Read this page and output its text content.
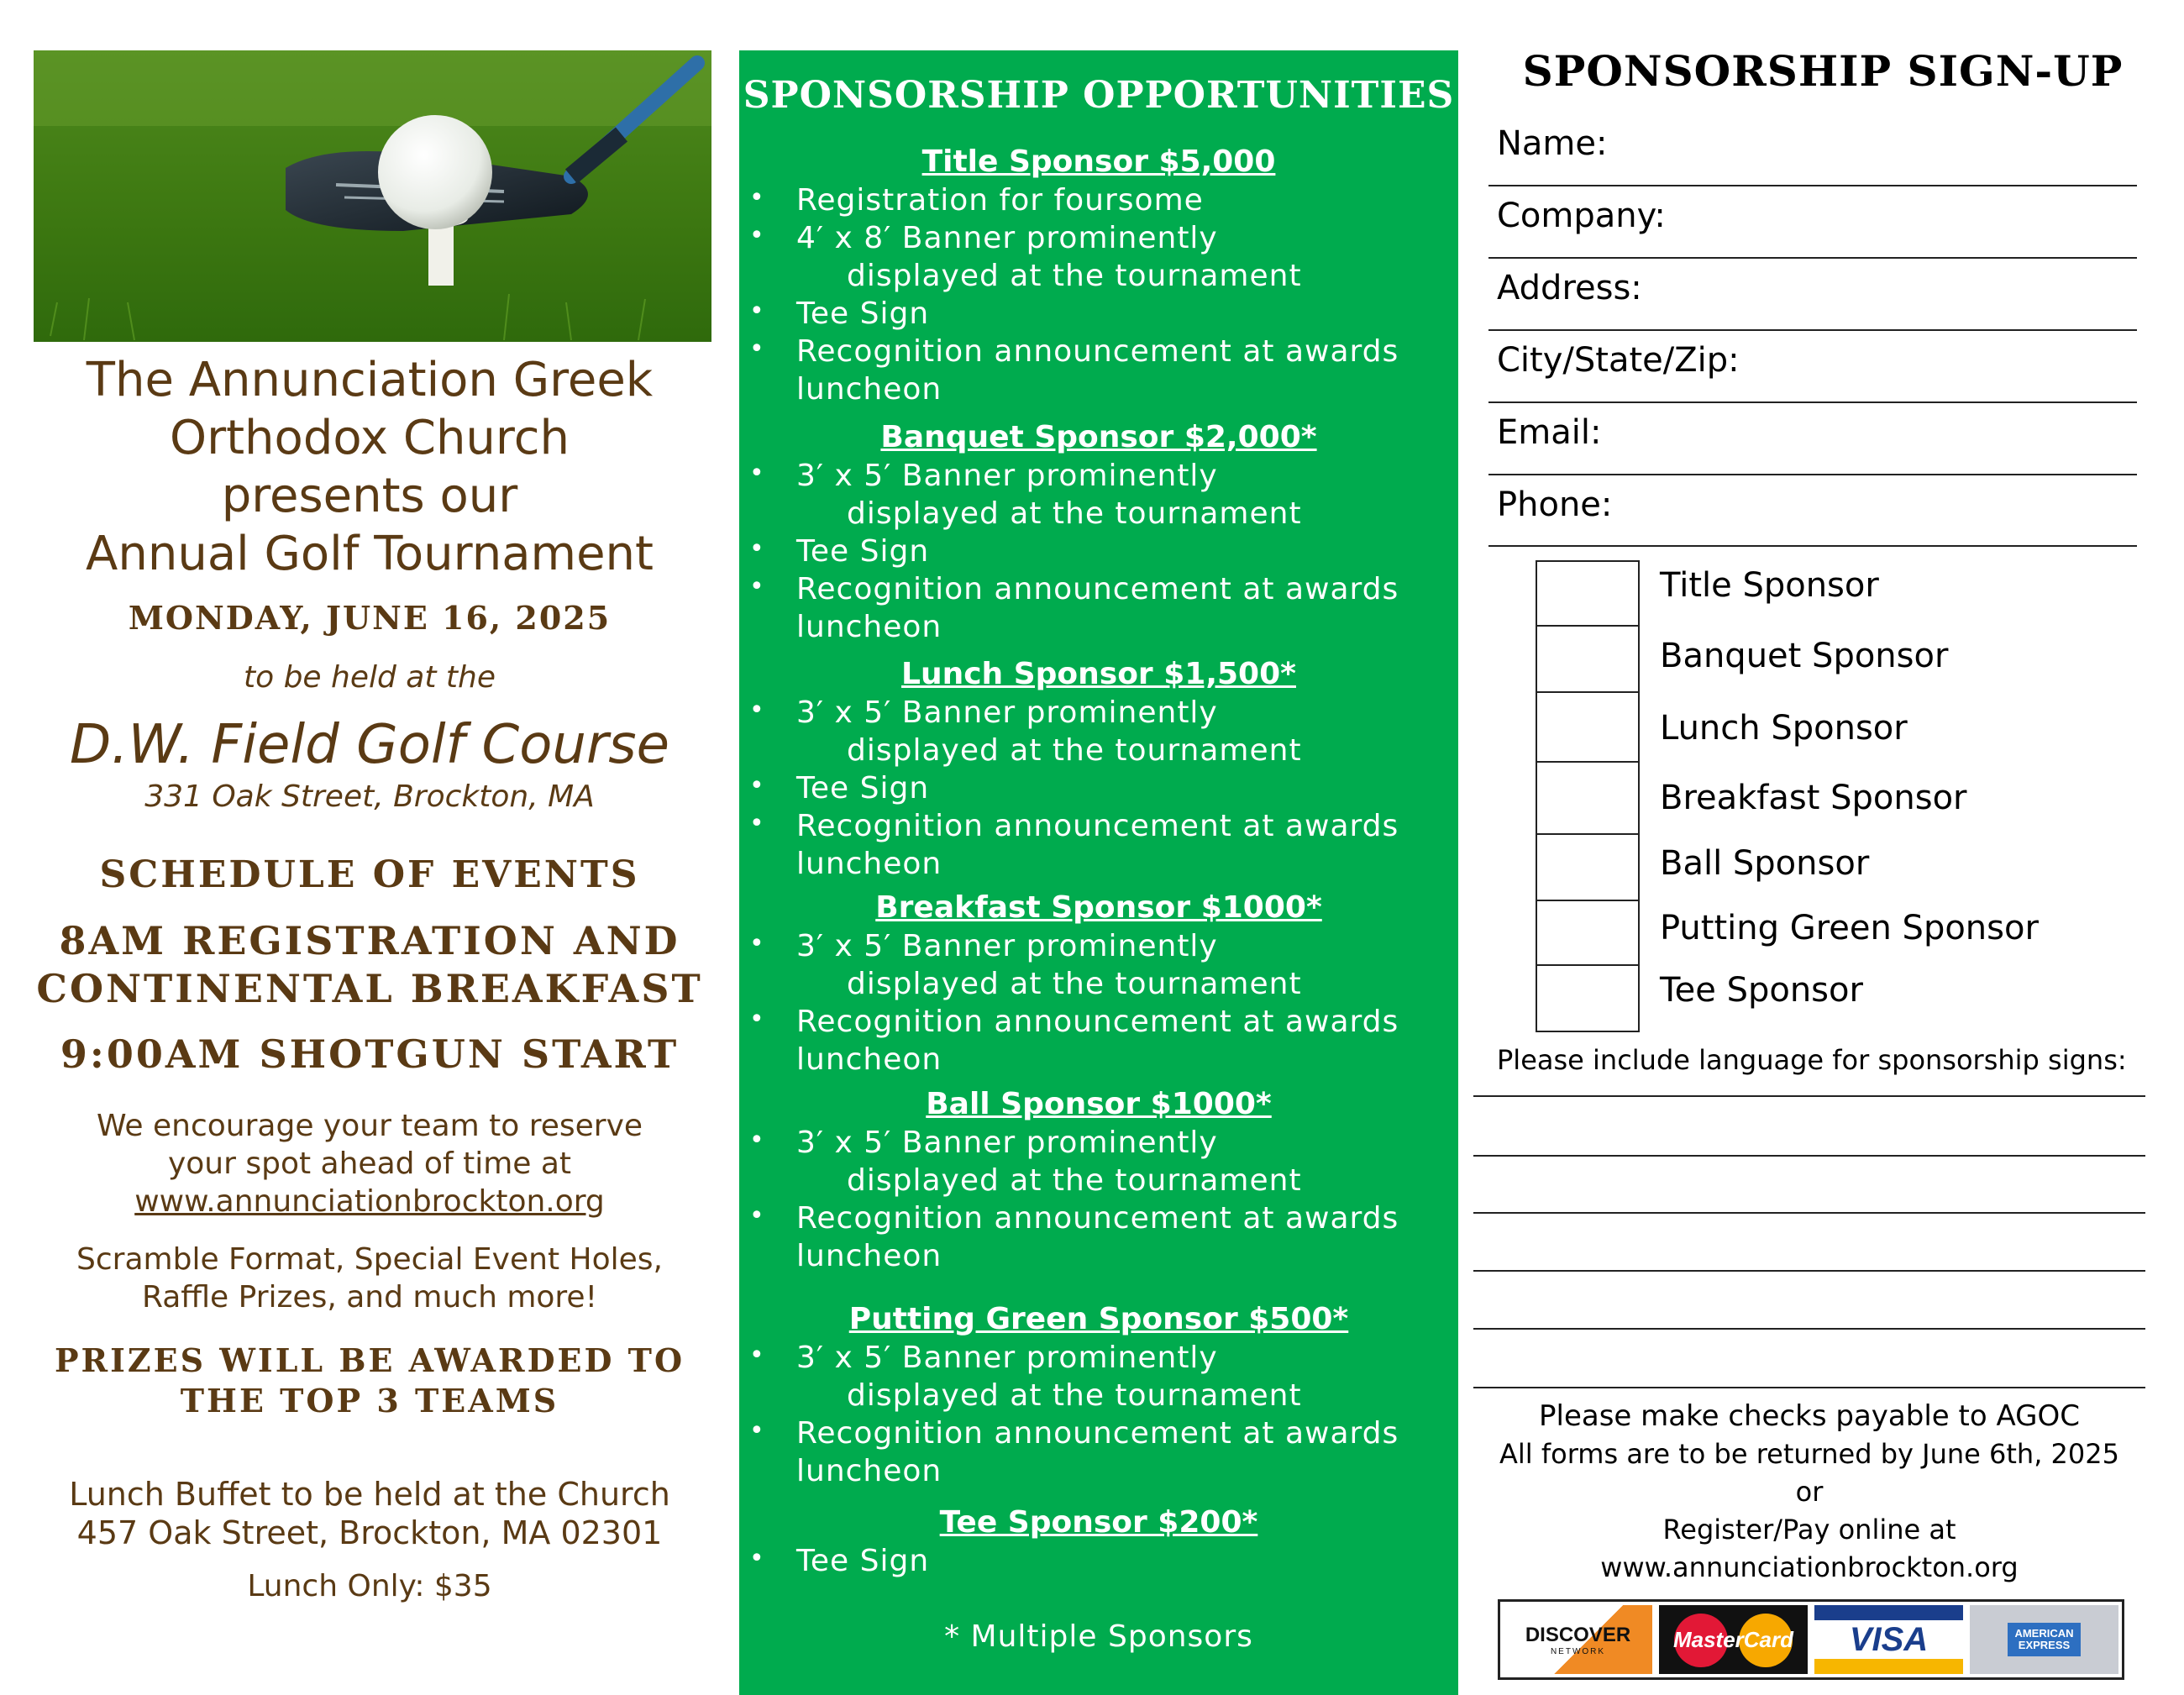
The Annunciation Greek
Orthodox Church
presents our
Annual Golf Tournament
MONDAY, JUNE 16, 2025
to be held at the
D.W. Field Golf Course
331 Oak Street, Brockton, MA
SCHEDULE OF EVENTS
8AM REGISTRATION AND
CONTINENTAL BREAKFAST
9:00AM SHOTGUN START
We encourage your team to reserve
your spot ahead of time at
www.annunciationbrockton.org
Scramble Format, Special Event Holes,
Raffle Prizes, and much more!
PRIZES WILL BE AWARDED TO
THE TOP 3 TEAMS
Lunch Buffet to be held at the Church
457 Oak Street, Brockton, MA 02301
Lunch Only: $35
SPONSORSHIP OPPORTUNITIES
Title Sponsor $5,000
• Registration for foursome
• 4′ x 8′ Banner prominently
displayed at the tournament
• Tee Sign
• Recognition announcement at awards
luncheon
Banquet Sponsor $2,000*
• 3′ x 5′ Banner prominently
displayed at the tournament
• Tee Sign
• Recognition announcement at awards
luncheon
Lunch Sponsor $1,500*
• 3′ x 5′ Banner prominently
displayed at the tournament
• Tee Sign
• Recognition announcement at awards
luncheon
Breakfast Sponsor $1000*
• 3′ x 5′ Banner prominently
displayed at the tournament
• Recognition announcement at awards
luncheon
Ball Sponsor $1000*
• 3′ x 5′ Banner prominently
displayed at the tournament
• Recognition announcement at awards
luncheon
Putting Green Sponsor $500*
• 3′ x 5′ Banner prominently
displayed at the tournament
• Recognition announcement at awards
luncheon
Tee Sponsor $200*
• Tee Sign
* Multiple Sponsors
SPONSORSHIP SIGN-UP
Name:
Company:
Address:
City/State/Zip:
Email:
Phone:
Title Sponsor
Banquet Sponsor
Lunch Sponsor
Breakfast Sponsor
Ball Sponsor
Putting Green Sponsor
Tee Sponsor
Please include language for sponsorship signs:
Please make checks payable to AGOC
All forms are to be returned by June 6th, 2025
or
Register/Pay online at
www.annunciationbrockton.org
DISCOVER
NETWORK	MasterCard VISA	AMERICAN
EXPRESS
